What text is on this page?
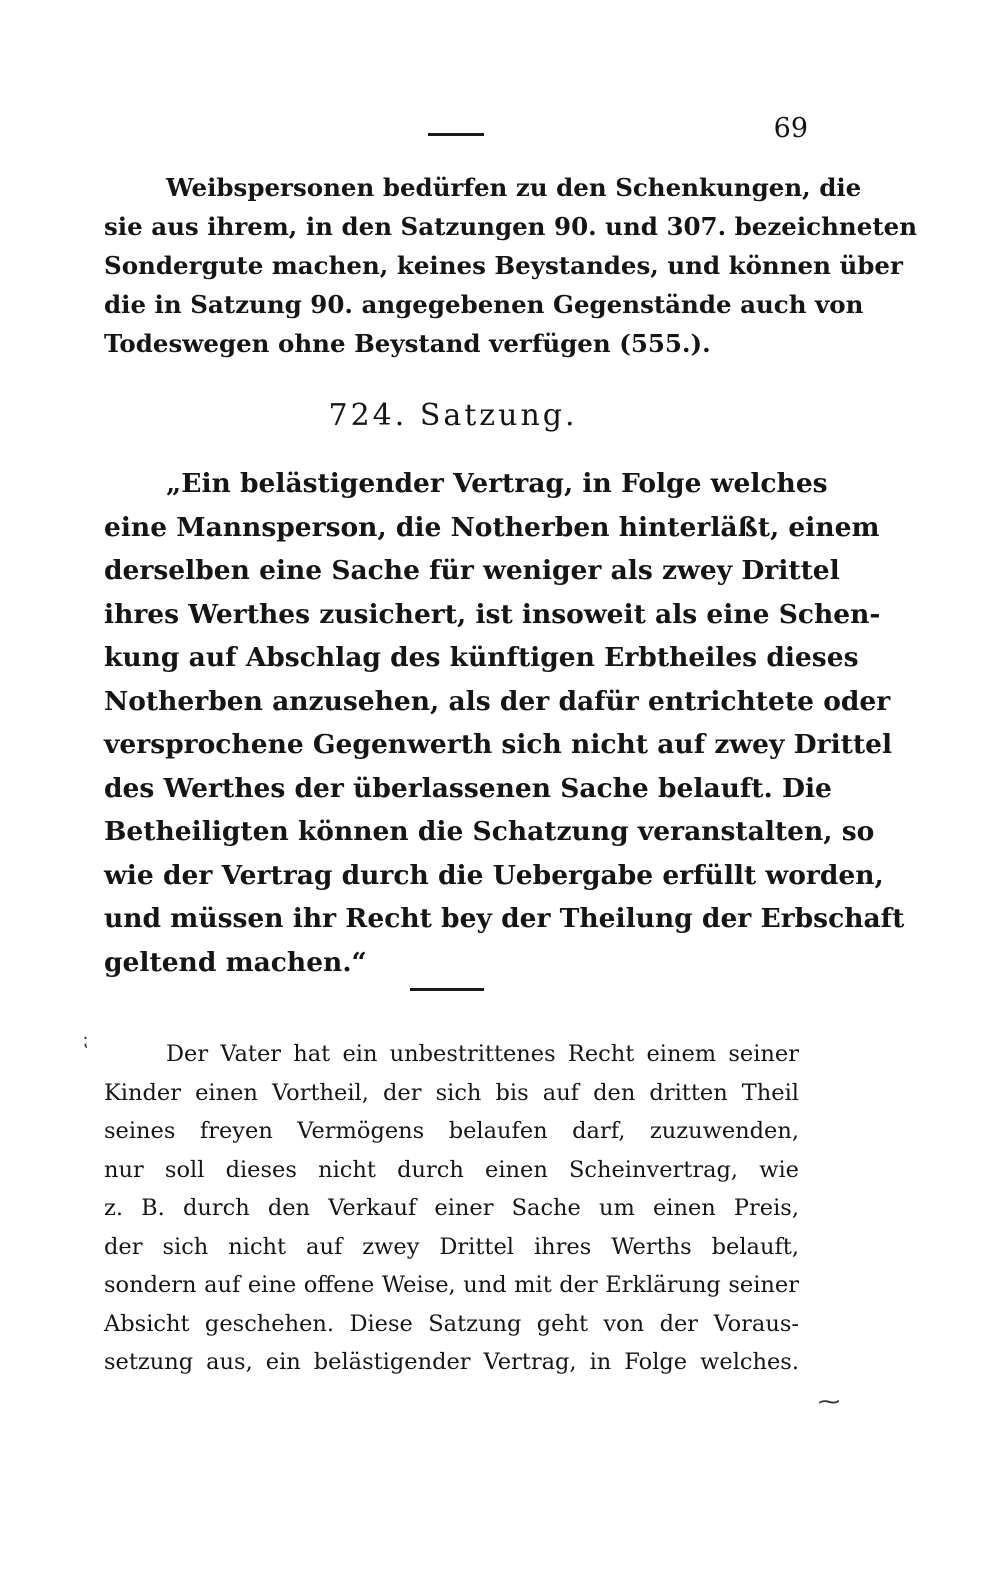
69
Weibspersonen bedürfen zu den Schenkungen, die
sie aus ihrem, in den Satzungen 90. und 307. bezeichneten
Sondergute machen, keines Beystandes, und können über
die in Satzung 90. angegebenen Gegenstände auch von
Todeswegen ohne Beystand verfügen (555.).
724. Satzung.
„Ein belästigender Vertrag, in Folge welches
eine Mannsperson, die Notherben hinterläßt, einem
derselben eine Sache für weniger als zwey Drittel
ihres Werthes zusichert, ist insoweit als eine Schen-
kung auf Abschlag des künftigen Erbtheiles dieses
Notherben anzusehen, als der dafür entrichtete oder
versprochene Gegenwerth sich nicht auf zwey Drittel
des Werthes der überlassenen Sache belauft. Die
Betheiligten können die Schatzung veranstalten, so
wie der Vertrag durch die Uebergabe erfüllt worden,
und müssen ihr Recht bey der Theilung der Erbschaft
geltend machen.“
⁏
Der Vater hat ein unbestrittenes Recht einem seiner
Kinder einen Vortheil, der sich bis auf den dritten Theil
seines freyen Vermögens belaufen darf, zuzuwenden,
nur soll dieses nicht durch einen Scheinvertrag, wie
z. B. durch den Verkauf einer Sache um einen Preis,
der sich nicht auf zwey Drittel ihres Werths belauft,
sondern auf eine offene Weise, und mit der Erklärung seiner
Absicht geschehen. Diese Satzung geht von der Voraus-
setzung aus, ein belästigender Vertrag, in Folge welches.
⁓
